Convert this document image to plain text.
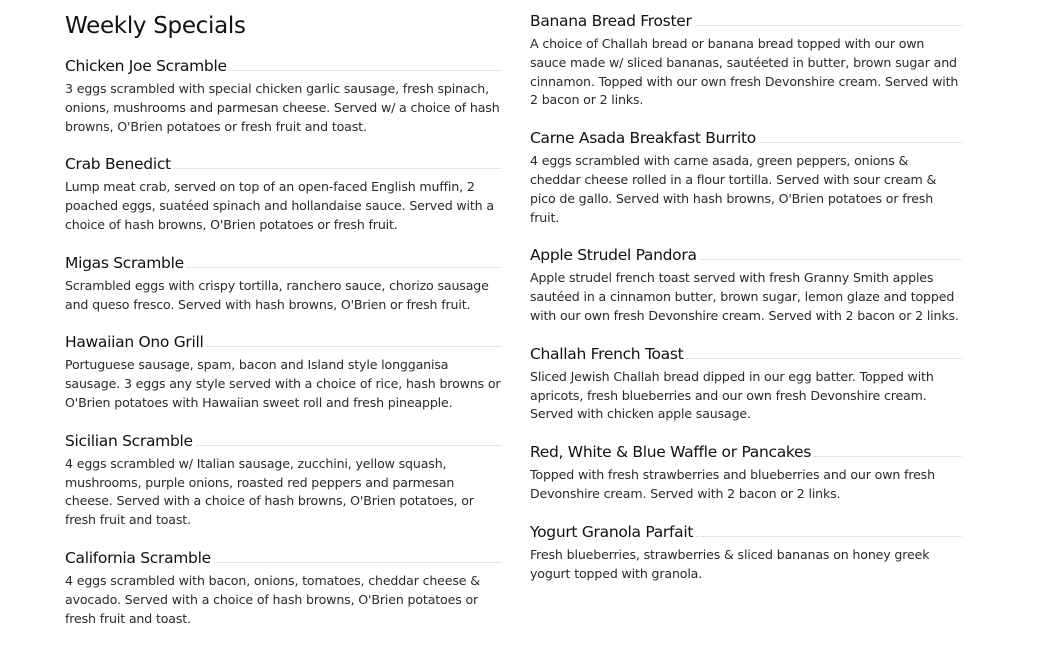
Weekly Specials
Chicken Joe Scramble
3 eggs scrambled with special chicken garlic sausage, fresh spinach, onions, mushrooms and parmesan cheese. Served w/ a choice of hash browns, O'Brien potatoes or fresh fruit and toast.
Crab Benedict
Lump meat crab, served on top of an open-faced English muffin, 2 poached eggs, suatéed spinach and hollandaise sauce. Served with a choice of hash browns, O'Brien potatoes or fresh fruit.
Migas Scramble
Scrambled eggs with crispy tortilla, ranchero sauce, chorizo sausage and queso fresco. Served with hash browns, O'Brien or fresh fruit.
Hawaiian Ono Grill
Portuguese sausage, spam, bacon and Island style longganisa sausage. 3 eggs any style served with a choice of rice, hash browns or O'Brien potatoes with Hawaiian sweet roll and fresh pineapple.
Sicilian Scramble
4 eggs scrambled w/ Italian sausage, zucchini, yellow squash, mushrooms, purple onions, roasted red peppers and parmesan cheese. Served with a choice of hash browns, O'Brien potatoes, or fresh fruit and toast.
California Scramble
4 eggs scrambled with bacon, onions, tomatoes, cheddar cheese & avocado. Served with a choice of hash browns, O'Brien potatoes or fresh fruit and toast.
Banana Bread Froster
A choice of Challah bread or banana bread topped with our own sauce made w/ sliced bananas, sautéeted in butter, brown sugar and cinnamon. Topped with our own fresh Devonshire cream. Served with 2 bacon or 2 links.
Carne Asada Breakfast Burrito
4 eggs scrambled with carne asada, green peppers, onions & cheddar cheese rolled in a flour tortilla. Served with sour cream & pico de gallo. Served with hash browns, O'Brien potatoes or fresh fruit.
Apple Strudel Pandora
Apple strudel french toast served with fresh Granny Smith apples sautéed in a cinnamon butter, brown sugar, lemon glaze and topped with our own fresh Devonshire cream. Served with 2 bacon or 2 links.
Challah French Toast
Sliced Jewish Challah bread dipped in our egg batter. Topped with apricots, fresh blueberries and our own fresh Devonshire cream. Served with chicken apple sausage.
Red, White & Blue Waffle or Pancakes
Topped with fresh strawberries and blueberries and our own fresh Devonshire cream. Served with 2 bacon or 2 links.
Yogurt Granola Parfait
Fresh blueberries, strawberries & sliced bananas on honey greek yogurt topped with granola.
